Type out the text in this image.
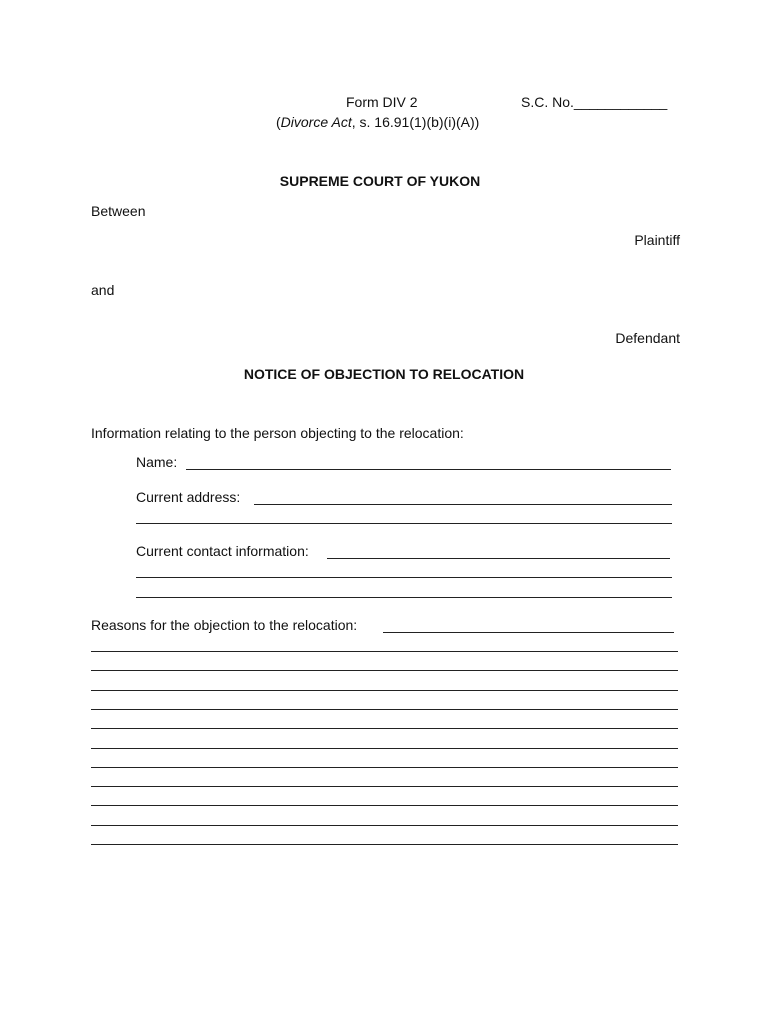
Form DIV 2	S.C. No.____________
(Divorce Act, s. 16.91(1)(b)(i)(A))
SUPREME COURT OF YUKON
Between
Plaintiff
and
Defendant
NOTICE OF OBJECTION TO RELOCATION
Information relating to the person objecting to the relocation:
Name:
Current address:
Current contact information:
Reasons for the objection to the relocation:
